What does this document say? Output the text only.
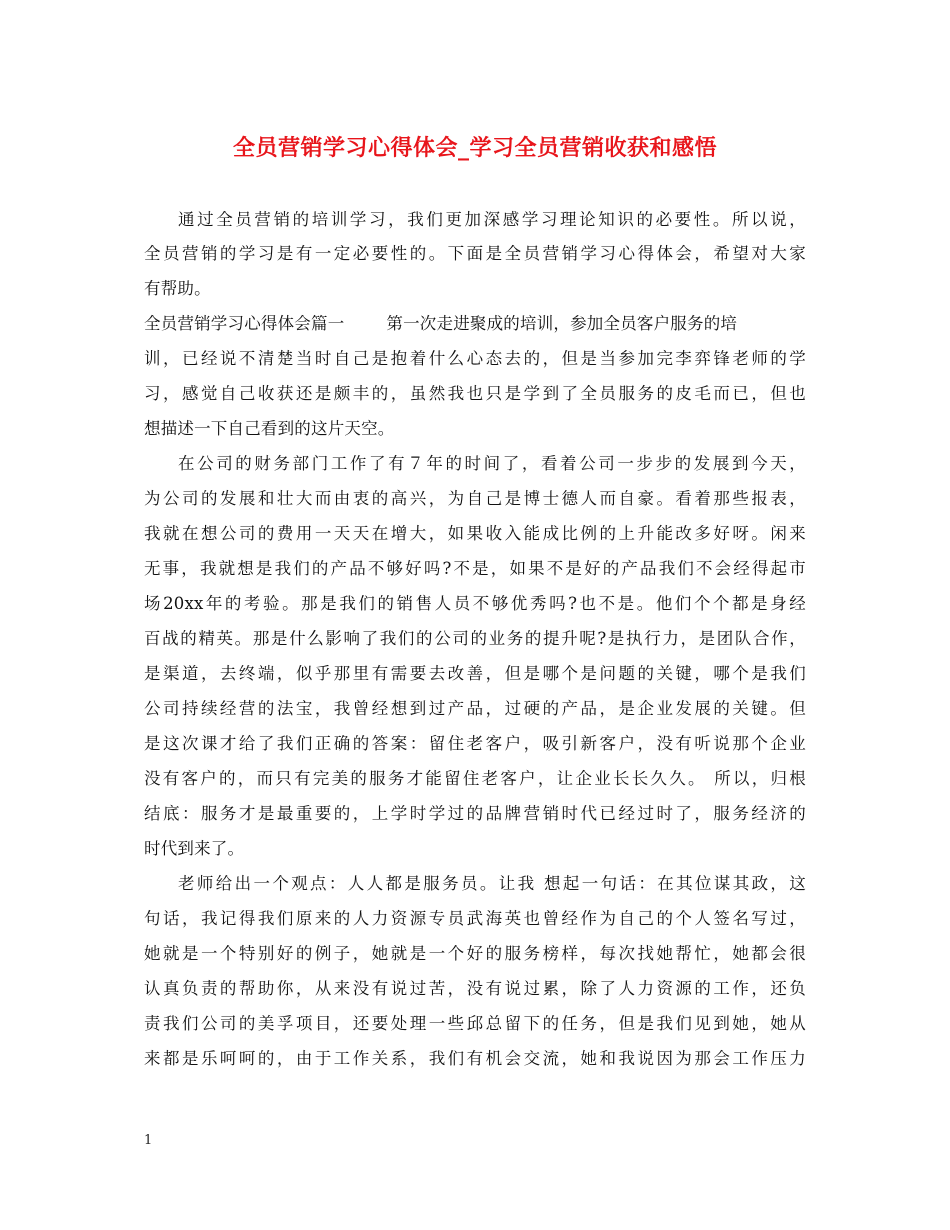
全员营销学习心得体会_学习全员营销收获和感悟
通过全员营销的培训学习，我们更加深感学习理论知识的必要性。所以说，
全员营销的学习是有一定必要性的。下面是全员营销学习心得体会，希望对大家
有帮助。
全员营销学习心得体会篇一	第一次走进聚成的培训，参加全员客户服务的培
训，已经说不清楚当时自己是抱着什么心态去的，但是当参加完李弈锋老师的学
习，感觉自己收获还是颇丰的，虽然我也只是学到了全员服务的皮毛而已，但也
想描述一下自己看到的这片天空。
在公司的财务部门工作了有７年的时间了，看着公司一步步的发展到今天，
为公司的发展和壮大而由衷的高兴，为自己是博士德人而自豪。看着那些报表，
我就在想公司的费用一天天在增大，如果收入能成比例的上升能改多好呀。闲来
无事，我就想是我们的产品不够好吗?不是，如果不是好的产品我们不会经得起市
场20xx年的考验。那是我们的销售人员不够优秀吗?也不是。他们个个都是身经
百战的精英。那是什么影响了我们的公司的业务的提升呢?是执行力，是团队合作，
是渠道，去终端，似乎那里有需要去改善，但是哪个是问题的关键，哪个是我们
公司持续经营的法宝，我曾经想到过产品，过硬的产品，是企业发展的关键。但
是这次课才给了我们正确的答案：留住老客户，吸引新客户，没有听说那个企业
没有客户的，而只有完美的服务才能留住老客户，让企业长长久久。 所以，归根
结底：服务才是最重要的，上学时学过的品牌营销时代已经过时了，服务经济的
时代到来了。
老师给出一个观点：人人都是服务员。让我 想起一句话：在其位谋其政，这
句话，我记得我们原来的人力资源专员武海英也曾经作为自己的个人签名写过，
她就是一个特别好的例子，她就是一个好的服务榜样，每次找她帮忙，她都会很
认真负责的帮助你，从来没有说过苦，没有说过累，除了人力资源的工作，还负
责我们公司的美孚项目，还要处理一些邱总留下的任务，但是我们见到她，她从
来都是乐呵呵的，由于工作关系，我们有机会交流，她和我说因为那会工作压力
1
